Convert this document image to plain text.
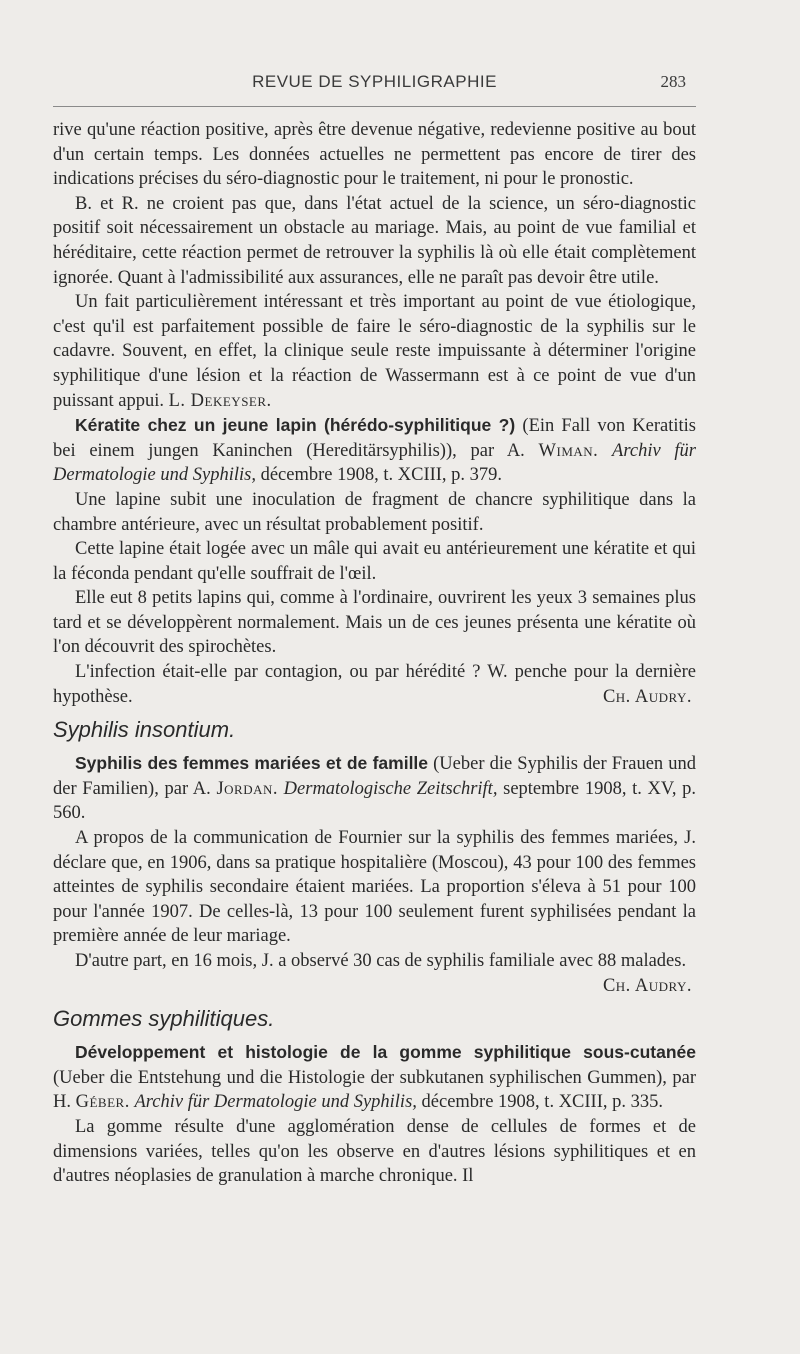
REVUE DE SYPHILIGRAPHIE	283

rive qu'une réaction positive, après être devenue négative, redevienne positive au bout d'un certain temps. Les données actuelles ne permettent pas encore de tirer des indications précises du séro-diagnostic pour le traitement, ni pour le pronostic.

B. et R. ne croient pas que, dans l'état actuel de la science, un séro-diagnostic positif soit nécessairement un obstacle au mariage. Mais, au point de vue familial et héréditaire, cette réaction permet de retrouver la syphilis là où elle était complètement ignorée. Quant à l'admissibilité aux assurances, elle ne paraît pas devoir être utile.

Un fait particulièrement intéressant et très important au point de vue étiologique, c'est qu'il est parfaitement possible de faire le séro-diagnostic de la syphilis sur le cadavre. Souvent, en effet, la clinique seule reste impuissante à déterminer l'origine syphilitique d'une lésion et la réaction de Wassermann est à ce point de vue d'un puissant appui. L. Dekeyser.

Kératite chez un jeune lapin (hérédo-syphilitique ?) (Ein Fall von Keratitis bei einem jungen Kaninchen (Hereditärsyphilis)), par A. Wiman. Archiv für Dermatologie und Syphilis, décembre 1908, t. XCIII, p. 379.

Une lapine subit une inoculation de fragment de chancre syphilitique dans la chambre antérieure, avec un résultat probablement positif.

Cette lapine était logée avec un mâle qui avait eu antérieurement une kératite et qui la féconda pendant qu'elle souffrait de l'œil.

Elle eut 8 petits lapins qui, comme à l'ordinaire, ouvrirent les yeux 3 semaines plus tard et se développèrent normalement. Mais un de ces jeunes présenta une kératite où l'on découvrit des spirochètes.

L'infection était-elle par contagion, ou par hérédité ? W. penche pour la dernière hypothèse.	Ch. Audry.

Syphilis insontium.

Syphilis des femmes mariées et de famille (Ueber die Syphilis der Frauen und der Familien), par A. Jordan. Dermatologische Zeitschrift, septembre 1908, t. XV, p. 560.

A propos de la communication de Fournier sur la syphilis des femmes mariées, J. déclare que, en 1906, dans sa pratique hospitalière (Moscou), 43 pour 100 des femmes atteintes de syphilis secondaire étaient mariées. La proportion s'éleva à 51 pour 100 pour l'année 1907. De celles-là, 13 pour 100 seulement furent syphilisées pendant la première année de leur mariage.

D'autre part, en 16 mois, J. a observé 30 cas de syphilis familiale avec 88 malades.
Ch. Audry.

Gommes syphilitiques.

Développement et histologie de la gomme syphilitique sous-cutanée (Ueber die Entstehung und die Histologie der subkutanen syphilischen Gummen), par H. Géber. Archiv für Dermatologie und Syphilis, décembre 1908, t. XCIII, p. 335.

La gomme résulte d'une agglomération dense de cellules de formes et de dimensions variées, telles qu'on les observe en d'autres lésions syphilitiques et en d'autres néoplasies de granulation à marche chronique. Il
